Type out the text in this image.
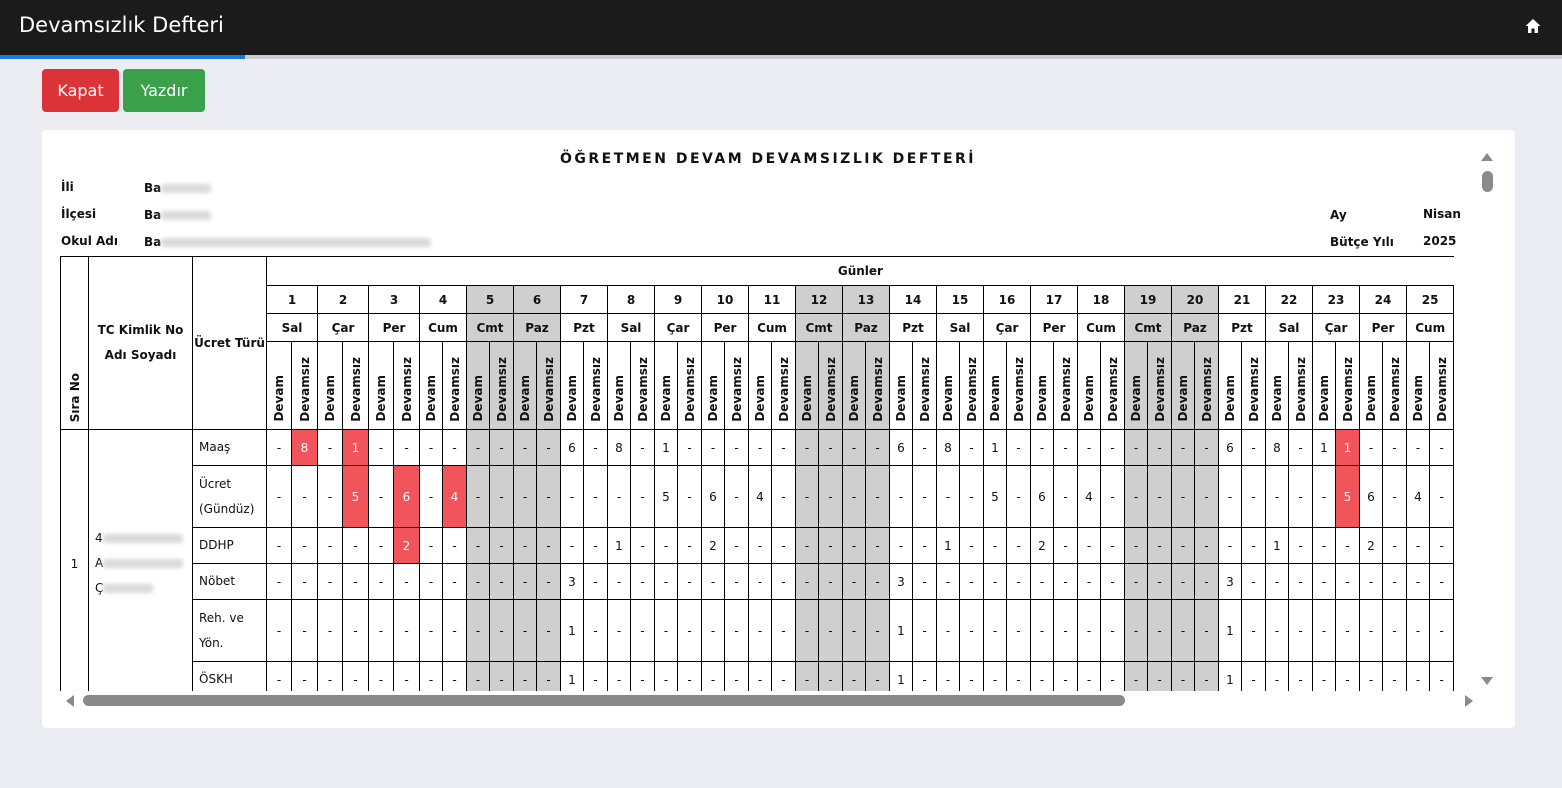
Devamsızlık Defteri
Kapat	Yazdır
ÖĞRETMEN DEVAM DEVAMSIZLIK DEFTERİ
İli	Ba
İlçesi	Ba
Okul Adı Ba
Ay	Nisan
Bütçe Yılı 2025
Sıra No	TC Kimlik No
Adı Soyadı	Ücret Türü	Günler																																																	
			1		2		3		4		5		6		7		8		9		10		11		12		13		14		15		16		17		18		19		20		21		22		23		24		25	
			Sal		Çar		Per		Cum		Cmt		Paz		Pzt		Sal		Çar		Per		Cum		Cmt		Paz		Pzt		Sal		Çar		Per		Cum		Cmt		Paz		Pzt		Sal		Çar		Per		Cum	
			Devam	Devamsız	Devam	Devamsız	Devam	Devamsız	Devam	Devamsız	Devam	Devamsız	Devam	Devamsız	Devam	Devamsız	Devam	Devamsız	Devam	Devamsız	Devam	Devamsız	Devam	Devamsız	Devam	Devamsız	Devam	Devamsız	Devam	Devamsız	Devam	Devamsız	Devam	Devamsız	Devam	Devamsız	Devam	Devamsız	Devam	Devamsız	Devam	Devamsız	Devam	Devamsız	Devam	Devamsız	Devam	Devamsız	Devam	Devamsız	Devam	Devamsız
1	4
A
Ç	Maaş	-	8	-	1	-	-	-	-	-	-	-	-	6	-	8	-	1	-	-	-	-	-	-	-	-	-	6	-	8	-	1	-	-	-	-	-	-	-	-	-	6	-	8	-	1	1	-	-	-	-
		Ücret (Gündüz)	-	-	-	5	-	6	-	4	-	-	-	-	-	-	-	-	5	-	6	-	4	-	-	-	-	-	-	-	-	-	5	-	6	-	4	-	-	-	-	-	-	-	-	-	-	5	6	-	4	-
		DDHP	-	-	-	-	-	2	-	-	-	-	-	-	-	-	1	-	-	-	2	-	-	-	-	-	-	-	-	-	1	-	-	-	2	-	-	-	-	-	-	-	-	-	1	-	-	-	2	-	-	-
		Nöbet	-	-	-	-	-	-	-	-	-	-	-	-	3	-	-	-	-	-	-	-	-	-	-	-	-	-	3	-	-	-	-	-	-	-	-	-	-	-	-	-	3	-	-	-	-	-	-	-	-	-
		Reh. ve Yön.	-	-	-	-	-	-	-	-	-	-	-	-	1	-	-	-	-	-	-	-	-	-	-	-	-	-	1	-	-	-	-	-	-	-	-	-	-	-	-	-	1	-	-	-	-	-	-	-	-	-
		ÖSKH	-	-	-	-	-	-	-	-	-	-	-	-	1	-	-	-	-	-	-	-	-	-	-	-	-	-	1	-	-	-	-	-	-	-	-	-	-	-	-	-	1	-	-	-	-	-	-	-	-	-
